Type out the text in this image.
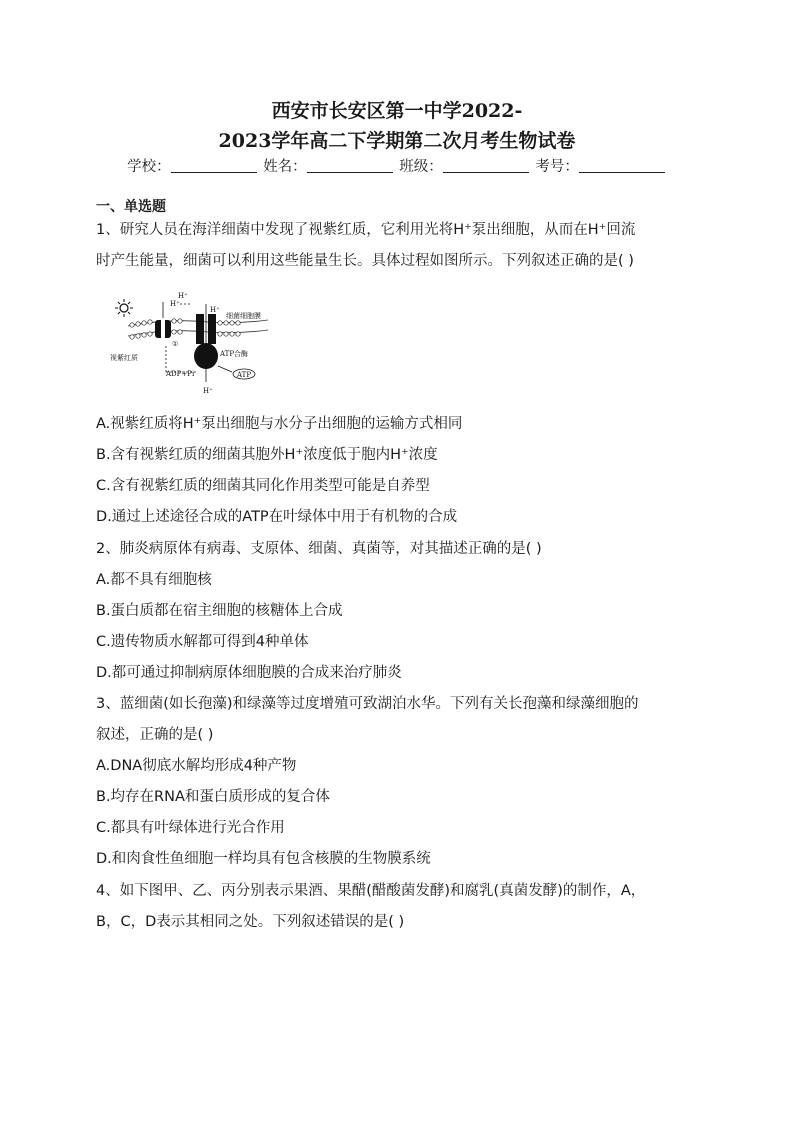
西安市长安区第一中学2022-
2023学年高二下学期第二次月考生物试卷
学校：	姓名：	班级：	考号：
一、单选题
1、研究人员在海洋细菌中发现了视紫红质，它利用光将H⁺泵出细胞，从而在H⁺回流
时产生能量，细菌可以利用这些能量生长。具体过程如图所示。下列叙述正确的是( )
H⁺
H⁺
H⁺
H⁺
细菌细胞膜
视紫红质	ATP合酶
ADP+Pi	ATP
①
A.视紫红质将H⁺泵出细胞与水分子出细胞的运输方式相同
B.含有视紫红质的细菌其胞外H⁺浓度低于胞内H⁺浓度
C.含有视紫红质的细菌其同化作用类型可能是自养型
D.通过上述途径合成的ATP在叶绿体中用于有机物的合成
2、肺炎病原体有病毒、支原体、细菌、真菌等，对其描述正确的是( )
A.都不具有细胞核
B.蛋白质都在宿主细胞的核糖体上合成
C.遗传物质水解都可得到4种单体
D.都可通过抑制病原体细胞膜的合成来治疗肺炎
3、蓝细菌(如长孢藻)和绿藻等过度增殖可致湖泊水华。下列有关长孢藻和绿藻细胞的
叙述，正确的是( )
A.DNA彻底水解均形成4种产物
B.均存在RNA和蛋白质形成的复合体
C.都具有叶绿体进行光合作用
D.和肉食性鱼细胞一样均具有包含核膜的生物膜系统
4、如下图甲、乙、丙分别表示果酒、果醋(醋酸菌发酵)和腐乳(真菌发酵)的制作，A，
B，C，D表示其相同之处。下列叙述错误的是( )
